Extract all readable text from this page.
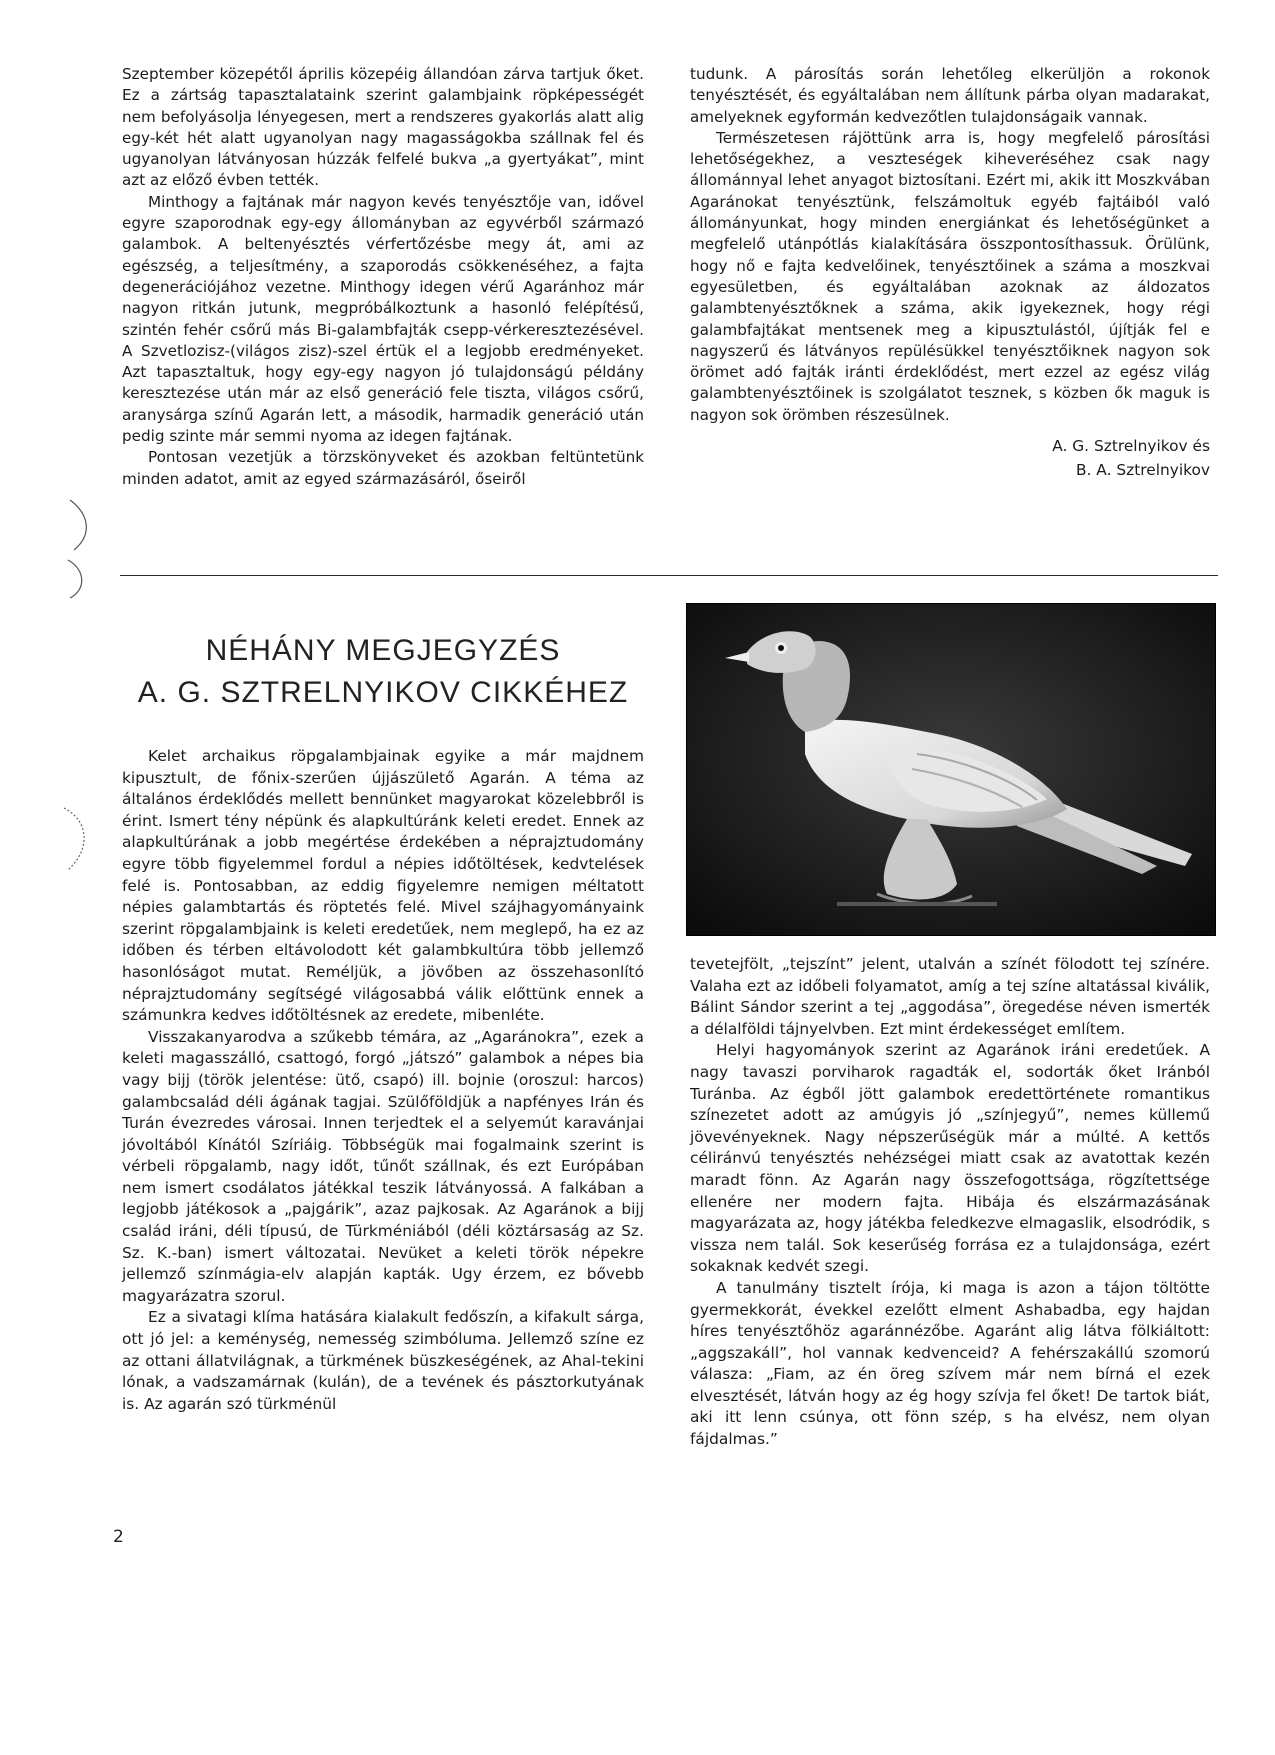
Szeptember közepétől április közepéig állandóan zárva tartjuk őket. Ez a zártság tapasztalataink szerint galambjaink röpképességét nem befolyásolja lényegesen, mert a rendszeres gyakorlás alatt alig egy-két hét alatt ugyanolyan nagy magasságokba szállnak fel és ugyanolyan látványosan húzzák felfelé bukva „a gyertyákat”, mint azt az előző évben tették.

Minthogy a fajtának már nagyon kevés tenyésztője van, idővel egyre szaporodnak egy-egy állományban az egyvérből származó galambok. A beltenyésztés vérfertőzésbe megy át, ami az egészség, a teljesítmény, a szaporodás csökkenéséhez, a fajta degenerációjához vezetne. Minthogy idegen vérű Agaránhoz már nagyon ritkán jutunk, megpróbálkoztunk a hasonló felépítésű, szintén fehér csőrű más Bi-galambfajták csepp-vérkeresztezésével. A Szvetlozisz-(világos zisz)-szel értük el a legjobb eredményeket. Azt tapasztaltuk, hogy egy-egy nagyon jó tulajdonságú példány keresztezése után már az első generáció fele tiszta, világos csőrű, aranysárga színű Agarán lett, a második, harmadik generáció után pedig szinte már semmi nyoma az idegen fajtának.

Pontosan vezetjük a törzskönyveket és azokban feltüntetünk minden adatot, amit az egyed származásáról, őseiről

tudunk. A párosítás során lehetőleg elkerüljön a rokonok tenyésztését, és egyáltalában nem állítunk párba olyan madarakat, amelyeknek egyformán kedvezőtlen tulajdonságaik vannak.

Természetesen rájöttünk arra is, hogy megfelelő párosítási lehetőségekhez, a veszteségek kiheveréséhez csak nagy állománnyal lehet anyagot biztosítani. Ezért mi, akik itt Moszkvában Agaránokat tenyésztünk, felszámoltuk egyéb fajtáiból való állományunkat, hogy minden energiánkat és lehetőségünket a megfelelő utánpótlás kialakítására összpontosíthassuk. Örülünk, hogy nő e fajta kedvelőinek, tenyésztőinek a száma a moszkvai egyesületben, és egyáltalában azoknak az áldozatos galambtenyésztőknek a száma, akik igyekeznek, hogy régi galambfajtákat mentsenek meg a kipusztulástól, újítják fel e nagyszerű és látványos repülésükkel tenyésztőiknek nagyon sok örömet adó fajták iránti érdeklődést, mert ezzel az egész világ galambtenyésztőinek is szolgálatot tesznek, s közben ők maguk is nagyon sok örömben részesülnek.

A. G. Sztrelnyikov és
B. A. Sztrelnyikov
NÉHÁNY MEGJEGYZÉS
A. G. SZTRELNYIKOV CIKKÉHEZ

Kelet archaikus röpgalambjainak egyike a már majdnem kipusztult, de főnix-szerűen újjászülető Agarán. A téma az általános érdeklődés mellett bennünket magyarokat közelebbről is érint. Ismert tény népünk és alapkultúránk keleti eredet. Ennek az alapkultúrának a jobb megértése érdekében a néprajztudomány egyre több figyelemmel fordul a népies időtöltések, kedvtelések felé is. Pontosabban, az eddig figyelemre nemigen méltatott népies galambtartás és röptetés felé. Mivel szájhagyományaink szerint röpgalambjaink is keleti eredetűek, nem meglepő, ha ez az időben és térben eltávolodott két galambkultúra több jellemző hasonlóságot mutat. Reméljük, a jövőben az összehasonlító néprajztudomány segítségé világosabbá válik előttünk ennek a számunkra kedves időtöltésnek az eredete, mibenléte.

Visszakanyarodva a szűkebb témára, az „Agaránokra”, ezek a keleti magasszálló, csattogó, forgó „játszó” galambok a népes bia vagy bijj (török jelentése: ütő, csapó) ill. bojnie (oroszul: harcos) galambcsalád déli ágának tagjai. Szülőföldjük a napfényes Irán és Turán évezredes városai. Innen terjedtek el a selyemút karavánjai jóvoltából Kínától Szíriáig. Többségük mai fogalmaink szerint is vérbeli röpgalamb, nagy időt, tűnőt szállnak, és ezt Európában nem ismert csodálatos játékkal teszik látványossá. A falkában a legjobb játékosok a „pajgárik”, azaz pajkosak. Az Agaránok a bijj család iráni, déli típusú, de Türkméniából (déli köztársaság az Sz. Sz. K.-ban) ismert változatai. Nevüket a keleti török népekre jellemző színmágia-elv alapján kapták. Ugy érzem, ez bővebb magyarázatra szorul.

Ez a sivatagi klíma hatására kialakult fedőszín, a kifakult sárga, ott jó jel: a keménység, nemesség szimbóluma. Jellemző színe ez az ottani állatvilágnak, a türkmének büszkeségének, az Ahal-tekini lónak, a vadszamárnak (kulán), de a tevének és pásztorkutyának is. Az agarán szó türkménül

tevetejfölt, „tejszínt” jelent, utalván a színét fölodott tej színére. Valaha ezt az időbeli folyamatot, amíg a tej színe altatással kiválik, Bálint Sándor szerint a tej „aggodása”, öregedése néven ismerték a délalföldi tájnyelvben. Ezt mint érdekességet említem.

Helyi hagyományok szerint az Agaránok iráni eredetűek. A nagy tavaszi porviharok ragadták el, sodorták őket Iránból Turánba. Az égből jött galambok eredettörténete romantikus színezetet adott az amúgyis jó „színjegyű”, nemes küllemű jövevényeknek. Nagy népszerűségük már a múlté. A kettős céliránvú tenyésztés nehézségei miatt csak az avatottak kezén maradt fönn. Az Agarán nagy összefogottsága, rögzítettsége ellenére ner modern fajta. Hibája és elszármazásának magyarázata az, hogy játékba feledkezve elmagaslik, elsodródik, s vissza nem talál. Sok keserűség forrása ez a tulajdonsága, ezért sokaknak kedvét szegi.

A tanulmány tisztelt írója, ki maga is azon a tájon töltötte gyermekkorát, évekkel ezelőtt elment Ashabadba, egy hajdan híres tenyésztőhöz agaránnézőbe. Agaránt alig látva fölkiáltott: „aggszakáll”, hol vannak kedvenceid? A fehérszakállú szomorú válasza: „Fiam, az én öreg szívem már nem bírná el ezek elvesztését, látván hogy az ég hogy szívja fel őket! De tartok biát, aki itt lenn csúnya, ott fönn szép, s ha elvész, nem olyan fájdalmas.”

2
